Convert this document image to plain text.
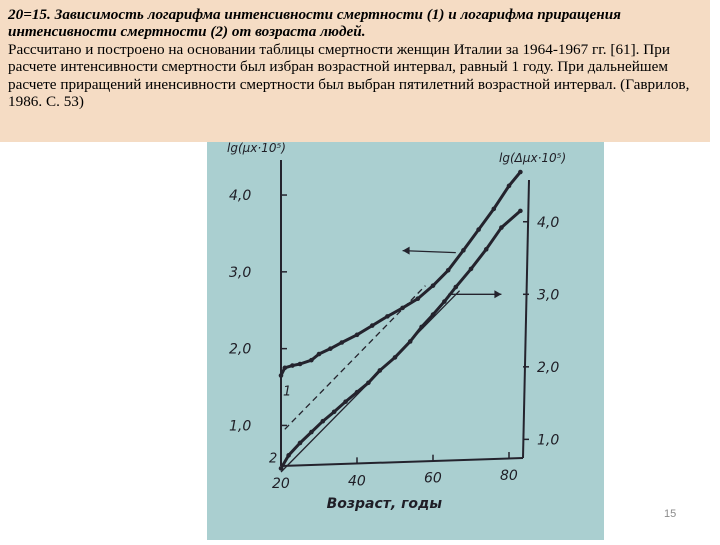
20=15. Зависимость логарифма интенсивности смертности (1) и логарифма приращения интенсивности смертности (2) от возраста людей.
Рассчитано и построено на основании таблицы смертности женщин Италии за 1964-1967 гг. [61]. При расчете интенсивности смертности был избран возрастной интервал, равный 1 году. При дальнейшем расчете приращений иненсивности смертности был выбран пятилетний возрастной интервал. (Гаврилов, 1986. С. 53)
20	40	60	80
1,0
2,0
3,0
4,0
1,0
2,0
3,0
4,0
lg(μx·10⁵)
lg(Δμx·10⁵)
Возраст, годы
1
2
15
